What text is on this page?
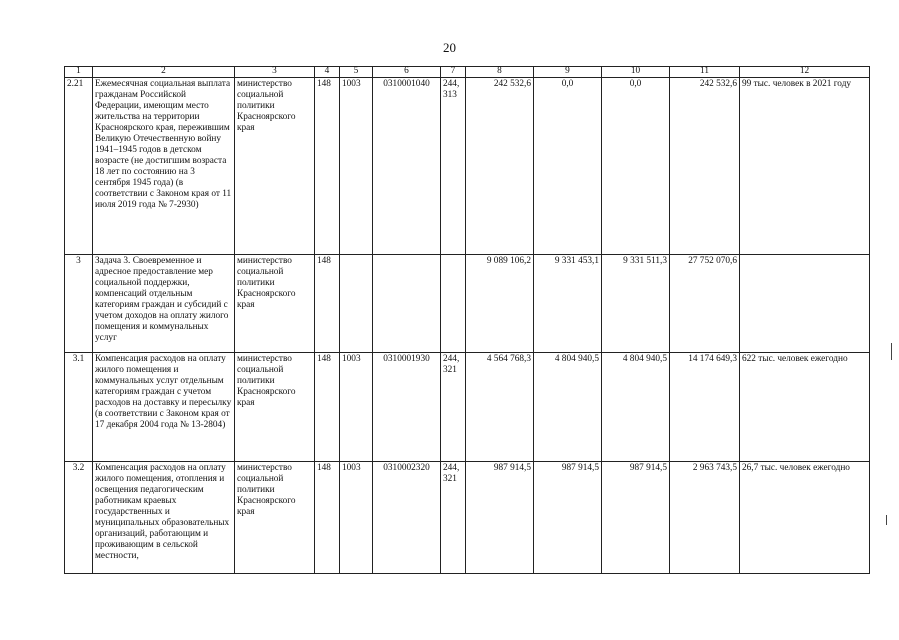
20
1	2	3	4	5	6	7	8	9	10	11	12
2.21	Ежемесячная социальная выплата гражданам Российской Федерации, имеющим место жительства на территории Красноярского края, пережившим Великую Отечественную войну 1941–1945 годов в детском возрасте (не достигшим возраста 18 лет по состоянию на 3 сентября 1945 года) (в соответствии с Законом края от 11 июля 2019 года № 7-2930)	министерство социальной политики Красноярского края	148	1003	0310001040	244, 313	242 532,6	0,0	0,0	242 532,6	99 тыс. человек в 2021 году
3	Задача 3. Своевременное и адресное предоставление мер социальной поддержки, компенсаций отдельным категориям граждан и субсидий с учетом доходов на оплату жилого помещения и коммунальных услуг	министерство социальной политики Красноярского края	148				9 089 106,2	9 331 453,1	9 331 511,3	27 752 070,6	
3.1	Компенсация расходов на оплату жилого помещения и коммунальных услуг отдельным категориям граждан с учетом расходов на доставку и пересылку (в соответствии с Законом края от 17 декабря 2004 года № 13-2804)	министерство социальной политики Красноярского края	148	1003	0310001930	244, 321	4 564 768,3	4 804 940,5	4 804 940,5	14 174 649,3	622 тыс. человек ежегодно
3.2	Компенсация расходов на оплату жилого помещения, отопления и освещения педагогическим работникам краевых государственных и муниципальных образовательных организаций, работающим и проживающим в сельской местности,	министерство социальной политики Красноярского края	148	1003	0310002320	244, 321	987 914,5	987 914,5	987 914,5	2 963 743,5	26,7 тыс. человек ежегодно
